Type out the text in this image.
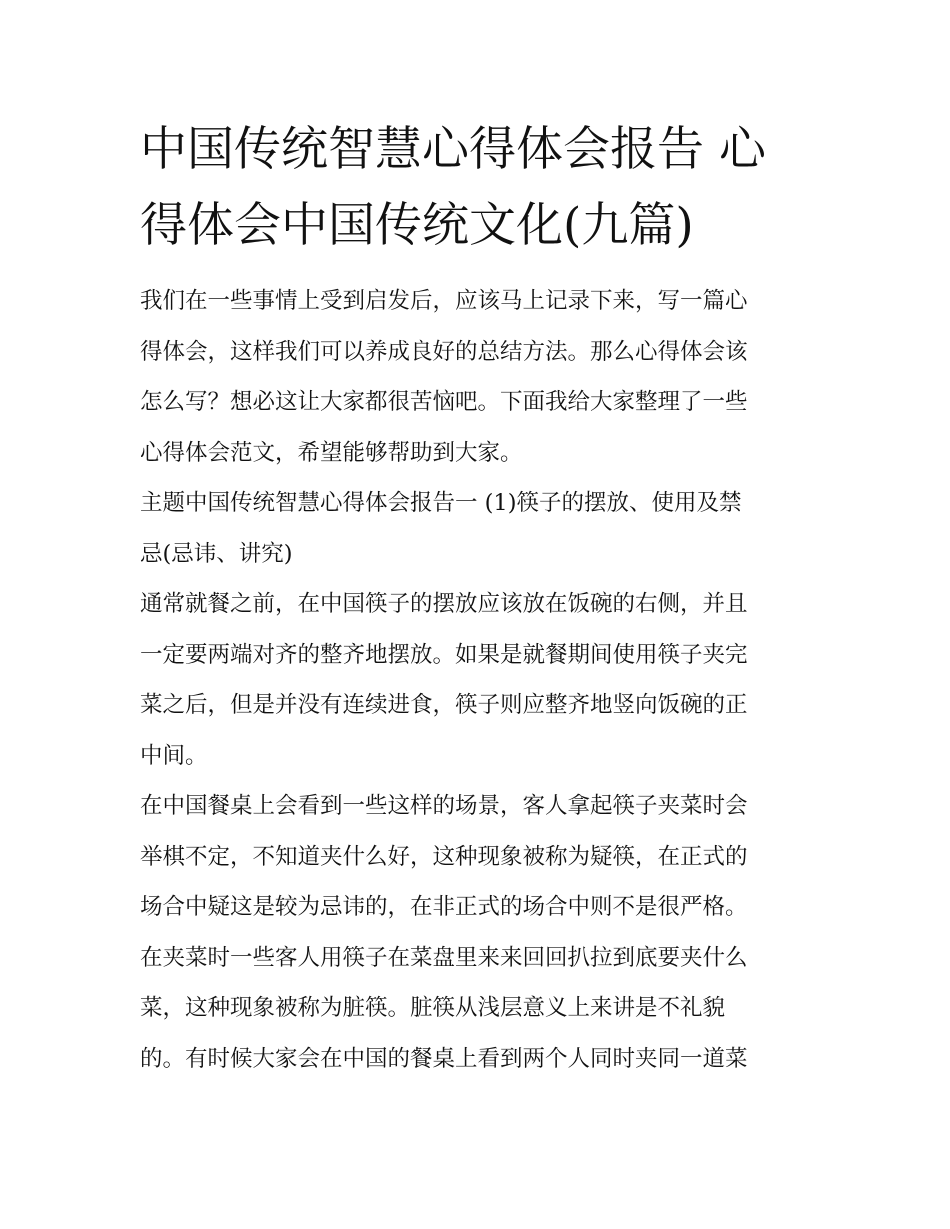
中国传统智慧心得体会报告 心
得体会中国传统文化(九篇)
我们在一些事情上受到启发后，应该马上记录下来，写一篇心
得体会，这样我们可以养成良好的总结方法。那么心得体会该
怎么写？想必这让大家都很苦恼吧。下面我给大家整理了一些
心得体会范文，希望能够帮助到大家。
主题中国传统智慧心得体会报告一 (1)筷子的摆放、使用及禁
忌(忌讳、讲究)
通常就餐之前，在中国筷子的摆放应该放在饭碗的右侧，并且
一定要两端对齐的整齐地摆放。如果是就餐期间使用筷子夹完
菜之后，但是并没有连续进食，筷子则应整齐地竖向饭碗的正
中间。
在中国餐桌上会看到一些这样的场景，客人拿起筷子夹菜时会
举棋不定，不知道夹什么好，这种现象被称为疑筷，在正式的
场合中疑这是较为忌讳的，在非正式的场合中则不是很严格。
在夹菜时一些客人用筷子在菜盘里来来回回扒拉到底要夹什么
菜，这种现象被称为脏筷。脏筷从浅层意义上来讲是不礼貌
的。有时候大家会在中国的餐桌上看到两个人同时夹同一道菜
